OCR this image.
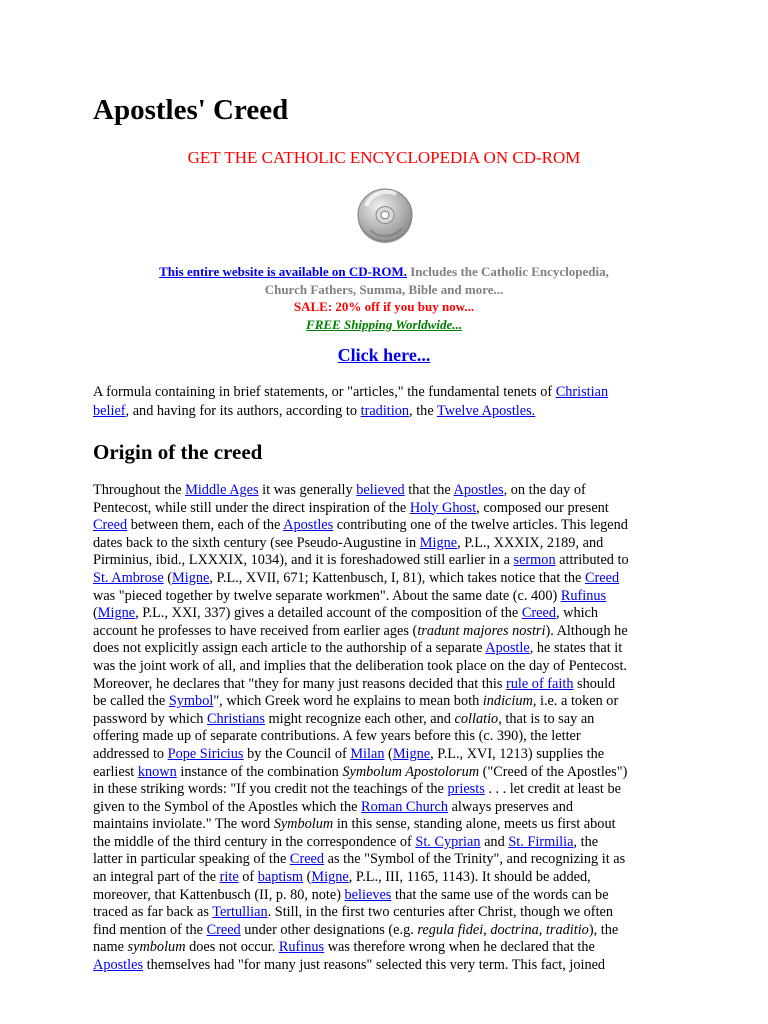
Apostles' Creed
GET THE CATHOLIC ENCYCLOPEDIA ON CD-ROM
This entire website is available on CD-ROM. Includes the Catholic Encyclopedia,
Church Fathers, Summa, Bible and more...
SALE: 20% off if you buy now...
FREE Shipping Worldwide...
Click here...

A formula containing in brief statements, or "articles," the fundamental tenets of Christian
belief, and having for its authors, according to tradition, the Twelve Apostles.

Origin of the creed

Throughout the Middle Ages it was generally believed that the Apostles, on the day of
Pentecost, while still under the direct inspiration of the Holy Ghost, composed our present
Creed between them, each of the Apostles contributing one of the twelve articles. This legend
dates back to the sixth century (see Pseudo-Augustine in Migne, P.L., XXXIX, 2189, and
Pirminius, ibid., LXXXIX, 1034), and it is foreshadowed still earlier in a sermon attributed to
St. Ambrose (Migne, P.L., XVII, 671; Kattenbusch, I, 81), which takes notice that the Creed
was "pieced together by twelve separate workmen". About the same date (c. 400) Rufinus
(Migne, P.L., XXI, 337) gives a detailed account of the composition of the Creed, which
account he professes to have received from earlier ages (tradunt majores nostri). Although he
does not explicitly assign each article to the authorship of a separate Apostle, he states that it
was the joint work of all, and implies that the deliberation took place on the day of Pentecost.
Moreover, he declares that "they for many just reasons decided that this rule of faith should
be called the Symbol", which Greek word he explains to mean both indicium, i.e. a token or
password by which Christians might recognize each other, and collatio, that is to say an
offering made up of separate contributions. A few years before this (c. 390), the letter
addressed to Pope Siricius by the Council of Milan (Migne, P.L., XVI, 1213) supplies the
earliest known instance of the combination Symbolum Apostolorum ("Creed of the Apostles")
in these striking words: "If you credit not the teachings of the priests . . . let credit at least be
given to the Symbol of the Apostles which the Roman Church always preserves and
maintains inviolate." The word Symbolum in this sense, standing alone, meets us first about
the middle of the third century in the correspondence of St. Cyprian and St. Firmilia, the
latter in particular speaking of the Creed as the "Symbol of the Trinity", and recognizing it as
an integral part of the rite of baptism (Migne, P.L., III, 1165, 1143). It should be added,
moreover, that Kattenbusch (II, p. 80, note) believes that the same use of the words can be
traced as far back as Tertullian. Still, in the first two centuries after Christ, though we often
find mention of the Creed under other designations (e.g. regula fidei, doctrina, traditio), the
name symbolum does not occur. Rufinus was therefore wrong when he declared that the
Apostles themselves had "for many just reasons" selected this very term. This fact, joined
